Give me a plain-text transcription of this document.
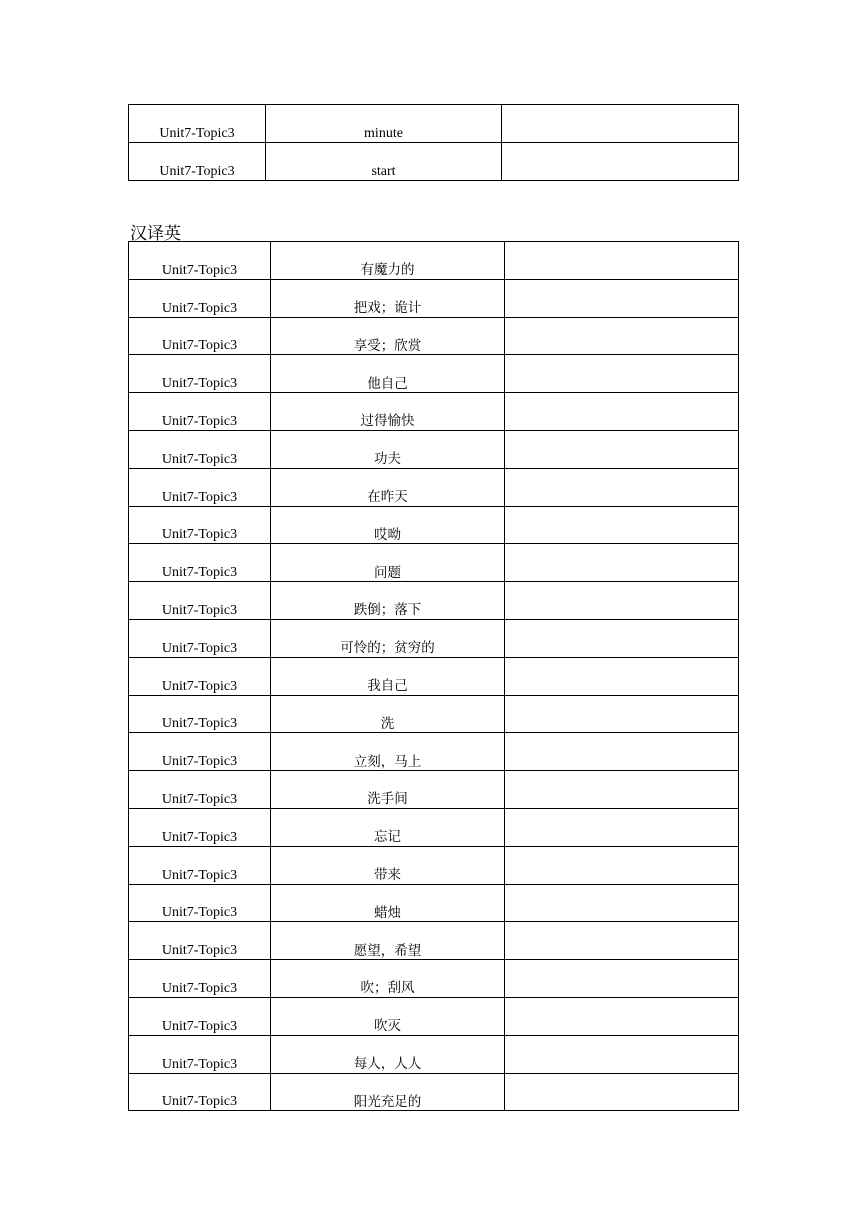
Unit7-Topic3	minute	
Unit7-Topic3	start	
汉译英
Unit7-Topic3	有魔力的	
Unit7-Topic3	把戏；诡计	
Unit7-Topic3	享受；欣赏	
Unit7-Topic3	他自己	
Unit7-Topic3	过得愉快	
Unit7-Topic3	功夫	
Unit7-Topic3	在昨天	
Unit7-Topic3	哎呦	
Unit7-Topic3	问题	
Unit7-Topic3	跌倒；落下	
Unit7-Topic3	可怜的；贫穷的	
Unit7-Topic3	我自己	
Unit7-Topic3	洗	
Unit7-Topic3	立刻，马上	
Unit7-Topic3	洗手间	
Unit7-Topic3	忘记	
Unit7-Topic3	带来	
Unit7-Topic3	蜡烛	
Unit7-Topic3	愿望，希望	
Unit7-Topic3	吹；刮风	
Unit7-Topic3	吹灭	
Unit7-Topic3	每人，人人	
Unit7-Topic3	阳光充足的	
